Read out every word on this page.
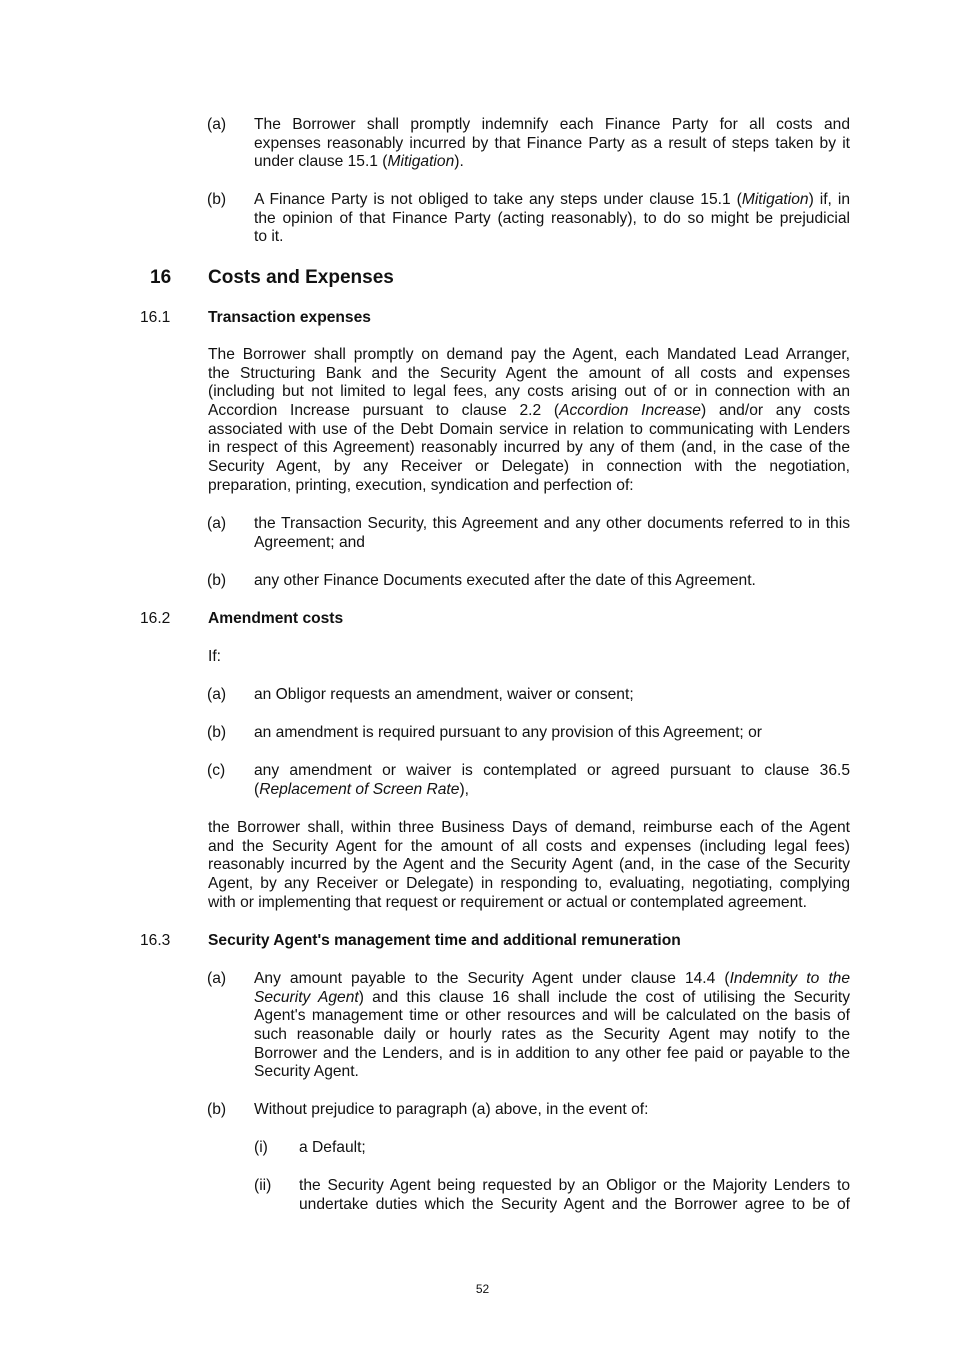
(a) The Borrower shall promptly indemnify each Finance Party for all costs and
expenses reasonably incurred by that Finance Party as a result of steps taken by it
under clause 15.1 (Mitigation).
(b) A Finance Party is not obliged to take any steps under clause 15.1 (Mitigation) if, in
the opinion of that Finance Party (acting reasonably), to do so might be prejudicial
to it.
16 Costs and Expenses
16.1 Transaction expenses
The Borrower shall promptly on demand pay the Agent, each Mandated Lead Arranger,
the Structuring Bank and the Security Agent the amount of all costs and expenses
(including but not limited to legal fees, any costs arising out of or in connection with an
Accordion Increase pursuant to clause 2.2 (Accordion Increase) and/or any costs
associated with use of the Debt Domain service in relation to communicating with Lenders
in respect of this Agreement) reasonably incurred by any of them (and, in the case of the
Security Agent, by any Receiver or Delegate) in connection with the negotiation,
preparation, printing, execution, syndication and perfection of:
(a) the Transaction Security, this Agreement and any other documents referred to in this
Agreement; and
(b) any other Finance Documents executed after the date of this Agreement.
16.2 Amendment costs
If:
(a) an Obligor requests an amendment, waiver or consent;
(b) an amendment is required pursuant to any provision of this Agreement; or
(c) any amendment or waiver is contemplated or agreed pursuant to clause 36.5
(Replacement of Screen Rate),
the Borrower shall, within three Business Days of demand, reimburse each of the Agent
and the Security Agent for the amount of all costs and expenses (including legal fees)
reasonably incurred by the Agent and the Security Agent (and, in the case of the Security
Agent, by any Receiver or Delegate) in responding to, evaluating, negotiating, complying
with or implementing that request or requirement or actual or contemplated agreement.
16.3 Security Agent's management time and additional remuneration
(a) Any amount payable to the Security Agent under clause 14.4 (Indemnity to the
Security Agent) and this clause 16 shall include the cost of utilising the Security
Agent's management time or other resources and will be calculated on the basis of
such reasonable daily or hourly rates as the Security Agent may notify to the
Borrower and the Lenders, and is in addition to any other fee paid or payable to the
Security Agent.
(b) Without prejudice to paragraph (a) above, in the event of:
(i) a Default;
(ii) the Security Agent being requested by an Obligor or the Majority Lenders to
undertake duties which the Security Agent and the Borrower agree to be of
52
